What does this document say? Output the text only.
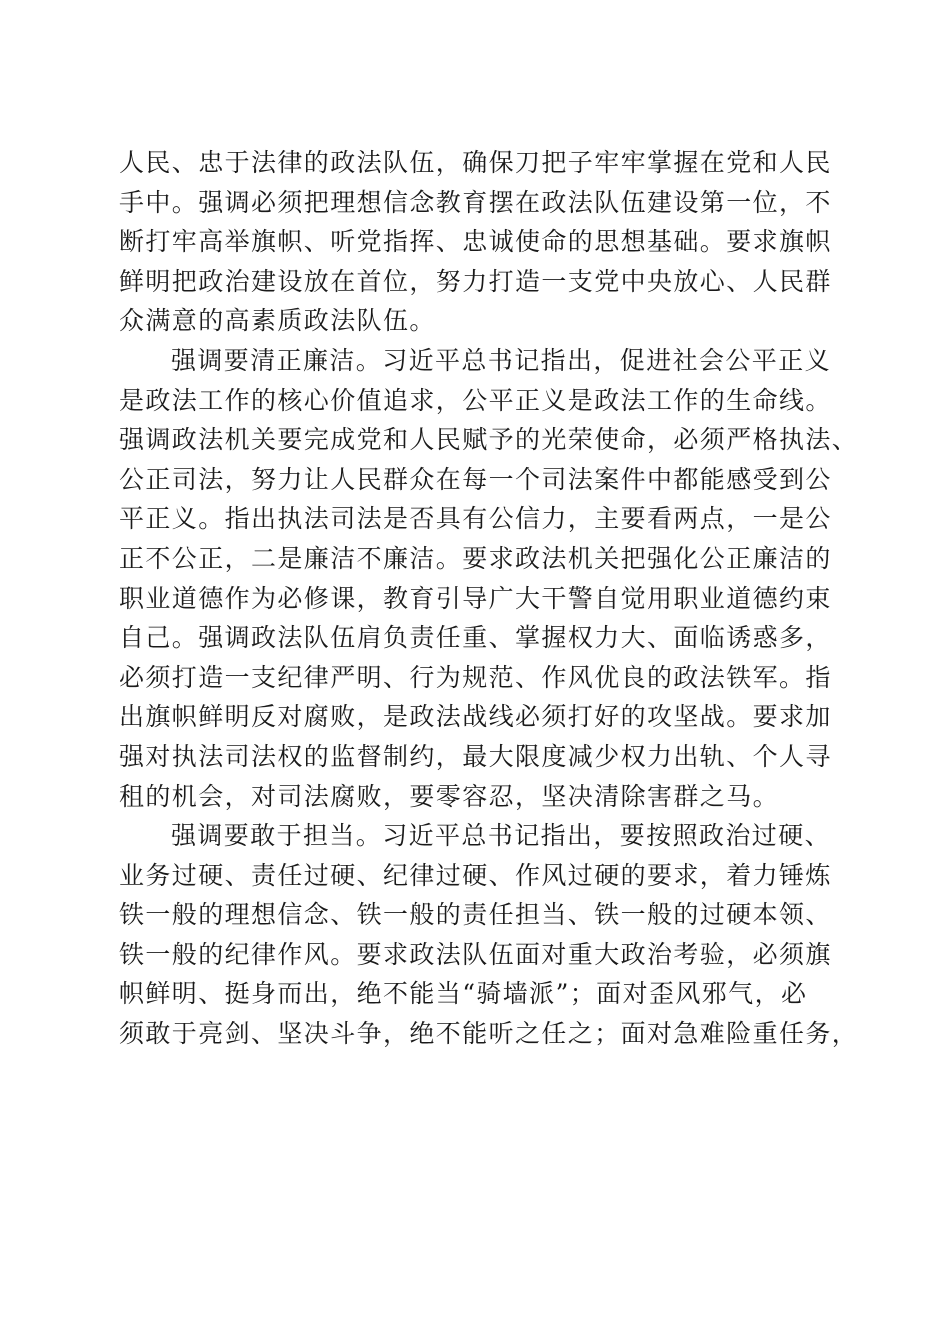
人民、忠于法律的政法队伍，确保刀把子牢牢掌握在党和人民
手中。强调必须把理想信念教育摆在政法队伍建设第一位，不
断打牢高举旗帜、听党指挥、忠诚使命的思想基础。要求旗帜
鲜明把政治建设放在首位，努力打造一支党中央放心、人民群
众满意的高素质政法队伍。
强调要清正廉洁。习近平总书记指出，促进社会公平正义
是政法工作的核心价值追求，公平正义是政法工作的生命线。
强调政法机关要完成党和人民赋予的光荣使命，必须严格执法、
公正司法，努力让人民群众在每一个司法案件中都能感受到公
平正义。指出执法司法是否具有公信力，主要看两点，一是公
正不公正，二是廉洁不廉洁。要求政法机关把强化公正廉洁的
职业道德作为必修课，教育引导广大干警自觉用职业道德约束
自己。强调政法队伍肩负责任重、掌握权力大、面临诱惑多，
必须打造一支纪律严明、行为规范、作风优良的政法铁军。指
出旗帜鲜明反对腐败，是政法战线必须打好的攻坚战。要求加
强对执法司法权的监督制约，最大限度减少权力出轨、个人寻
租的机会，对司法腐败，要零容忍，坚决清除害群之马。
强调要敢于担当。习近平总书记指出，要按照政治过硬、
业务过硬、责任过硬、纪律过硬、作风过硬的要求，着力锤炼
铁一般的理想信念、铁一般的责任担当、铁一般的过硬本领、
铁一般的纪律作风。要求政法队伍面对重大政治考验，必须旗
帜鲜明、挺身而出，绝不能当“骑墙派”；面对歪风邪气，必
须敢于亮剑、坚决斗争，绝不能听之任之；面对急难险重任务，
